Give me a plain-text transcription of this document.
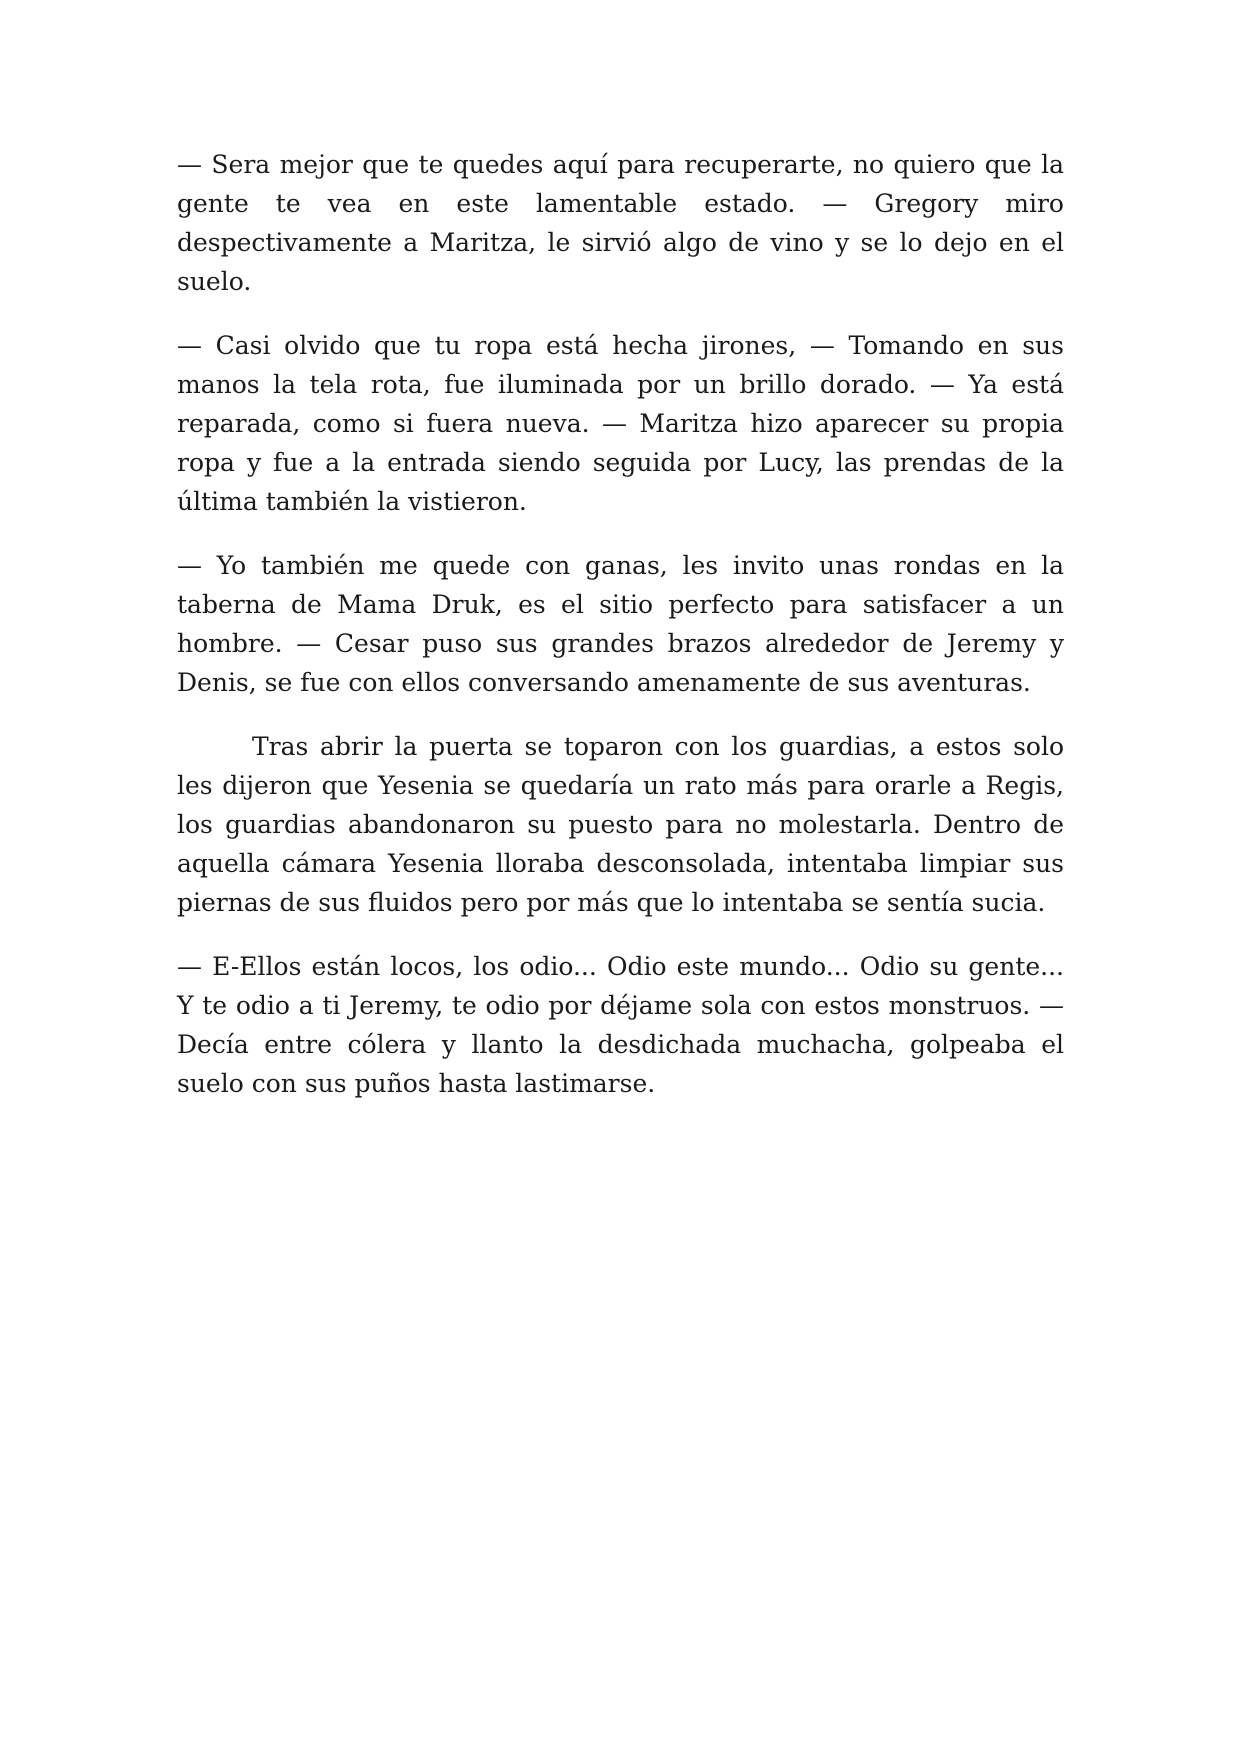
— Sera mejor que te quedes aquí para recuperarte, no quiero que la gente te vea en este lamentable estado. — Gregory miro despectivamente a Maritza, le sirvió algo de vino y se lo dejo en el suelo.

— Casi olvido que tu ropa está hecha jirones, — Tomando en sus manos la tela rota, fue iluminada por un brillo dorado. — Ya está reparada, como si fuera nueva. — Maritza hizo aparecer su propia ropa y fue a la entrada siendo seguida por Lucy, las prendas de la última también la vistieron.

— Yo también me quede con ganas, les invito unas rondas en la taberna de Mama Druk, es el sitio perfecto para satisfacer a un hombre. — Cesar puso sus grandes brazos alrededor de Jeremy y Denis, se fue con ellos conversando amenamente de sus aventuras.

Tras abrir la puerta se toparon con los guardias, a estos solo les dijeron que Yesenia se quedaría un rato más para orarle a Regis, los guardias abandonaron su puesto para no molestarla. Dentro de aquella cámara Yesenia lloraba desconsolada, intentaba limpiar sus piernas de sus fluidos pero por más que lo intentaba se sentía sucia.

— E-Ellos están locos, los odio... Odio este mundo... Odio su gente... Y te odio a ti Jeremy, te odio por déjame sola con estos monstruos. — Decía entre cólera y llanto la desdichada muchacha, golpeaba el suelo con sus puños hasta lastimarse.
